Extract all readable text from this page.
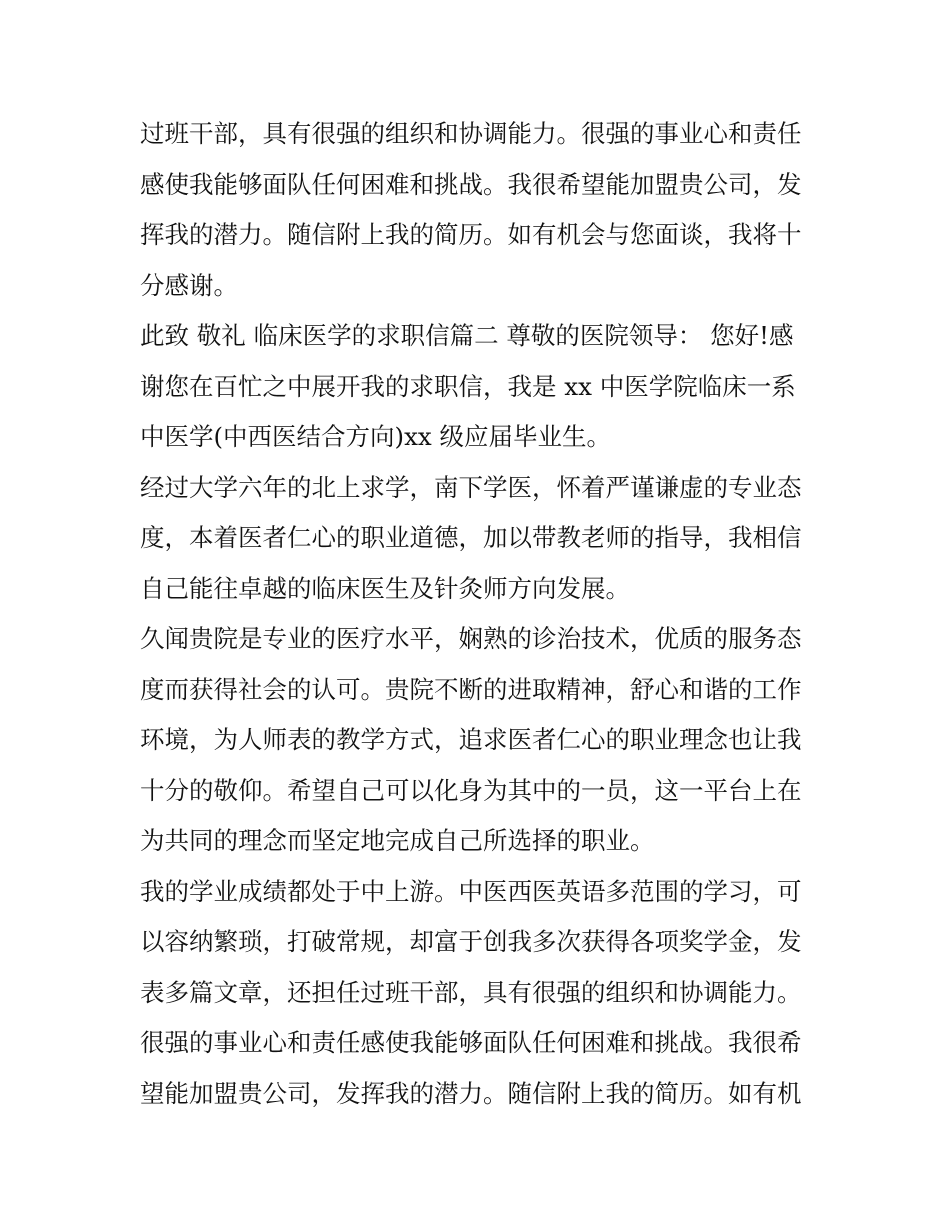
过班干部，具有很强的组织和协调能力。很强的事业心和责任
感使我能够面队任何困难和挑战。我很希望能加盟贵公司，发
挥我的潜力。随信附上我的简历。如有机会与您面谈，我将十
分感谢。
此致 敬礼 临床医学的求职信篇二 尊敬的医院领导： 您好!感
谢您在百忙之中展开我的求职信，我是 xx 中医学院临床一系
中医学(中西医结合方向)xx 级应届毕业生。
经过大学六年的北上求学，南下学医，怀着严谨谦虚的专业态
度，本着医者仁心的职业道德，加以带教老师的指导，我相信
自己能往卓越的临床医生及针灸师方向发展。
久闻贵院是专业的医疗水平，娴熟的诊治技术，优质的服务态
度而获得社会的认可。贵院不断的进取精神，舒心和谐的工作
环境，为人师表的教学方式，追求医者仁心的职业理念也让我
十分的敬仰。希望自己可以化身为其中的一员，这一平台上在
为共同的理念而坚定地完成自己所选择的职业。
我的学业成绩都处于中上游。中医西医英语多范围的学习，可
以容纳繁琐，打破常规，却富于创我多次获得各项奖学金，发
表多篇文章，还担任过班干部，具有很强的组织和协调能力。
很强的事业心和责任感使我能够面队任何困难和挑战。我很希
望能加盟贵公司，发挥我的潜力。随信附上我的简历。如有机
